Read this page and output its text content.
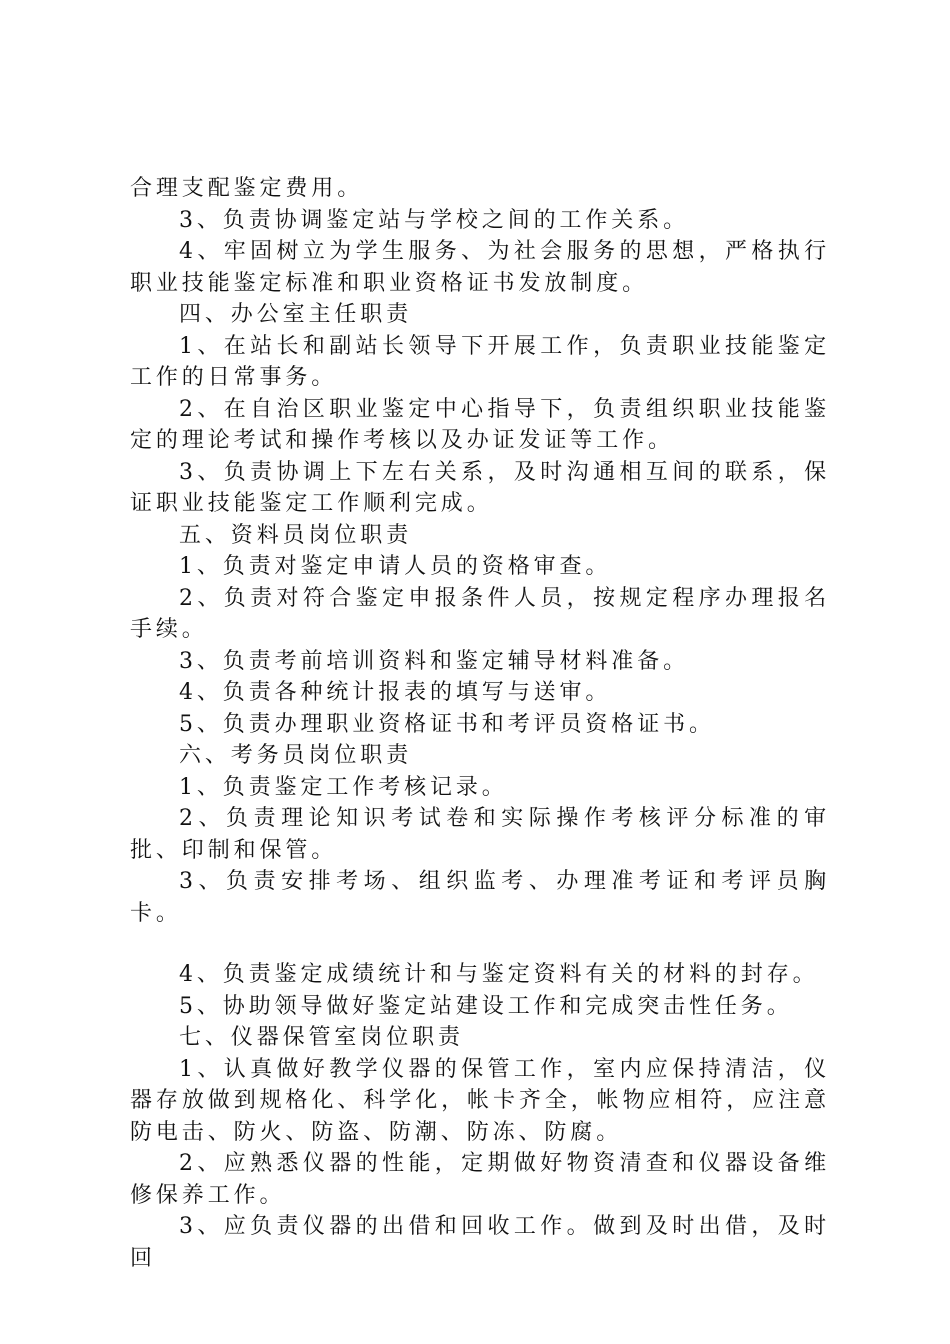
合理支配鉴定费用。

3、负责协调鉴定站与学校之间的工作关系。

4、牢固树立为学生服务、为社会服务的思想，严格执行职业技能鉴定标准和职业资格证书发放制度。

四、办公室主任职责

1、在站长和副站长领导下开展工作，负责职业技能鉴定工作的日常事务。

2、在自治区职业鉴定中心指导下，负责组织职业技能鉴定的理论考试和操作考核以及办证发证等工作。

3、负责协调上下左右关系，及时沟通相互间的联系，保证职业技能鉴定工作顺利完成。

五、资料员岗位职责

1、负责对鉴定申请人员的资格审查。

2、负责对符合鉴定申报条件人员，按规定程序办理报名手续。

3、负责考前培训资料和鉴定辅导材料准备。

4、负责各种统计报表的填写与送审。

5、负责办理职业资格证书和考评员资格证书。

六、考务员岗位职责

1、负责鉴定工作考核记录。

2、负责理论知识考试卷和实际操作考核评分标准的审批、印制和保管。

3、负责安排考场、组织监考、办理准考证和考评员胸卡。

4、负责鉴定成绩统计和与鉴定资料有关的材料的封存。

5、协助领导做好鉴定站建设工作和完成突击性任务。

七、仪器保管室岗位职责

1、认真做好教学仪器的保管工作，室内应保持清洁，仪器存放做到规格化、科学化，帐卡齐全，帐物应相符，应注意防电击、防火、防盗、防潮、防冻、防腐。

2、应熟悉仪器的性能，定期做好物资清查和仪器设备维修保养工作。

3、应负责仪器的出借和回收工作。做到及时出借，及时回
